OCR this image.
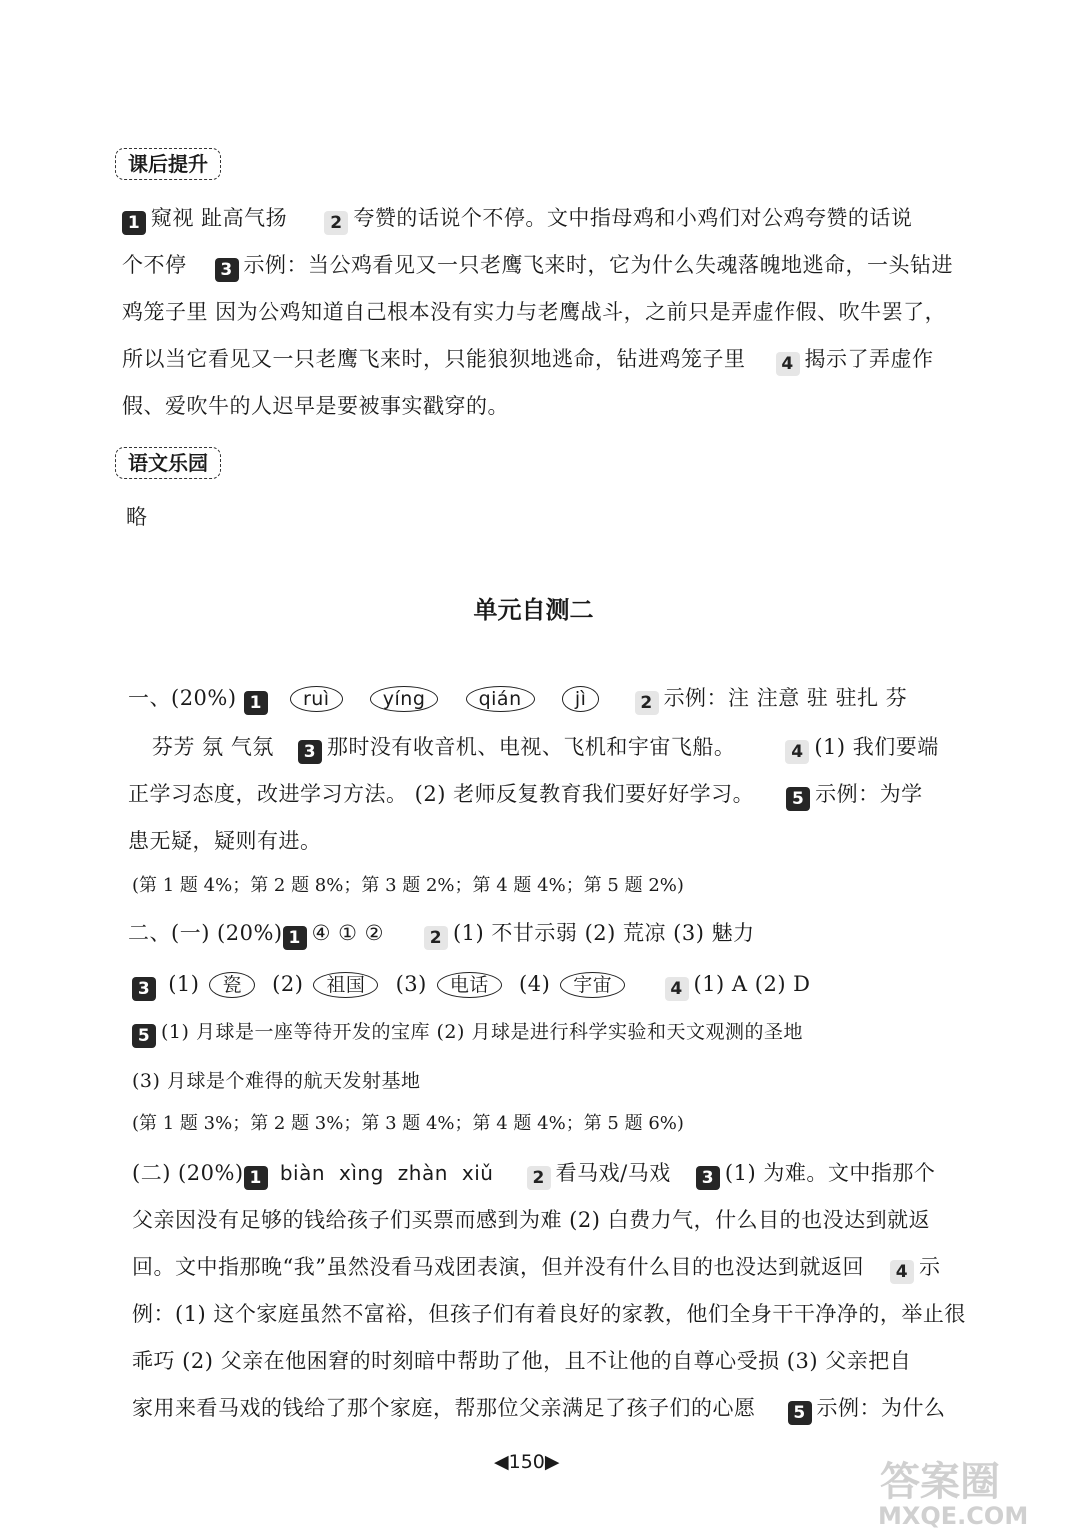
课后提升
1 窥视 趾高气扬	2 夸赞的话说个不停。文中指母鸡和小鸡们对公鸡夸赞的话说
个不停 3 示例：当公鸡看见又一只老鹰飞来时，它为什么失魂落魄地逃命，一头钻进
鸡笼子里 因为公鸡知道自己根本没有实力与老鹰战斗，之前只是弄虚作假、吹牛罢了，
所以当它看见又一只老鹰飞来时，只能狼狈地逃命，钻进鸡笼子里 4 揭示了弄虚作
假、爱吹牛的人迟早是要被事实戳穿的。
语文乐园
略
单元自测二
一、(20%) 1 ruì	yíng	qián	jì	2 示例：注 注意 驻 驻扎 芬
芬芳 氛 气氛 3 那时没有收音机、电视、飞机和宇宙飞船。	4 (1) 我们要端
正学习态度，改进学习方法。 (2) 老师反复教育我们要好好学习。 5 示例：为学
患无疑，疑则有进。
(第 1 题 4%；第 2 题 8%；第 3 题 2%；第 4 题 4%；第 5 题 2%)
二、(一) (20%) 1 ④ ① ②	2 (1) 不甘示弱 (2) 荒凉 (3) 魅力
3 (1) 瓷 (2) 祖国 (3) 电话 (4) 宇宙	4 (1) A (2) D
5 (1) 月球是一座等待开发的宝库 (2) 月球是进行科学实验和天文观测的圣地
(3) 月球是个难得的航天发射基地
(第 1 题 3%；第 2 题 3%；第 3 题 4%；第 4 题 4%；第 5 题 6%)
(二) (20%) 1 biàn xìng zhàn xiǔ 2 看马戏/马戏 3 (1) 为难。文中指那个
父亲因没有足够的钱给孩子们买票而感到为难 (2) 白费力气，什么目的也没达到就返
回。文中指那晚“我”虽然没看马戏团表演，但并没有什么目的也没达到就返回 4 示
例：(1) 这个家庭虽然不富裕，但孩子们有着良好的家教，他们全身干干净净的，举止很
乖巧 (2) 父亲在他困窘的时刻暗中帮助了他，且不让他的自尊心受损 (3) 父亲把自
家用来看马戏的钱给了那个家庭，帮那位父亲满足了孩子们的心愿 5 示例：为什么
◀150▶	答案圈
MXQE.COM
